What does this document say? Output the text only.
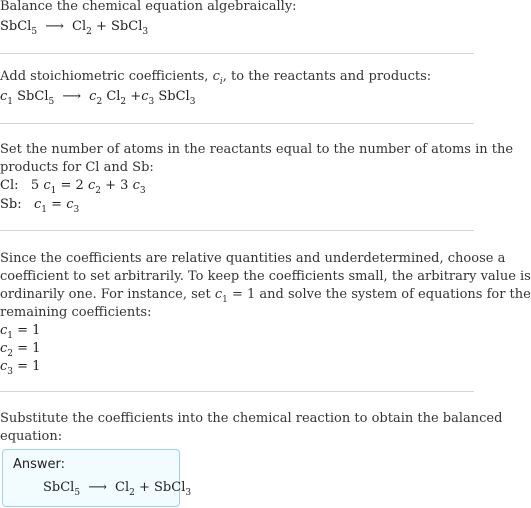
Balance the chemical equation algebraically:
SbCl$_5$ ⟶ $Cl_2$ + SbCl$_3$
Add stoichiometric coefficients, $c_i$, to the reactants and products:
$c_1$ SbCl$_5$ ⟶ $c_2$ $Cl_2 +c_3$ SbCl$_3$
Set the number of atoms in the reactants equal to the number of atoms in the
products for Cl and Sb:
Cl: 5 $c_1 = 2$ $c_2 + 3$ $c_3$
Sb: $c_1 = c_3$
Since the coefficients are relative quantities and underdetermined, choose a
coefficient to set arbitrarily. To keep the coefficients small, the arbitrary value is
ordinarily one. For instance, set $c_1 = 1$ and solve the system of equations for the
remaining coefficients:
$c_1 = 1$
$c_2 = 1$
$c_3 = 1$
Substitute the coefficients into the chemical reaction to obtain the balanced
equation:
Answer:
SbCl$_5$ ⟶ $Cl_2$ + SbCl$_3$
